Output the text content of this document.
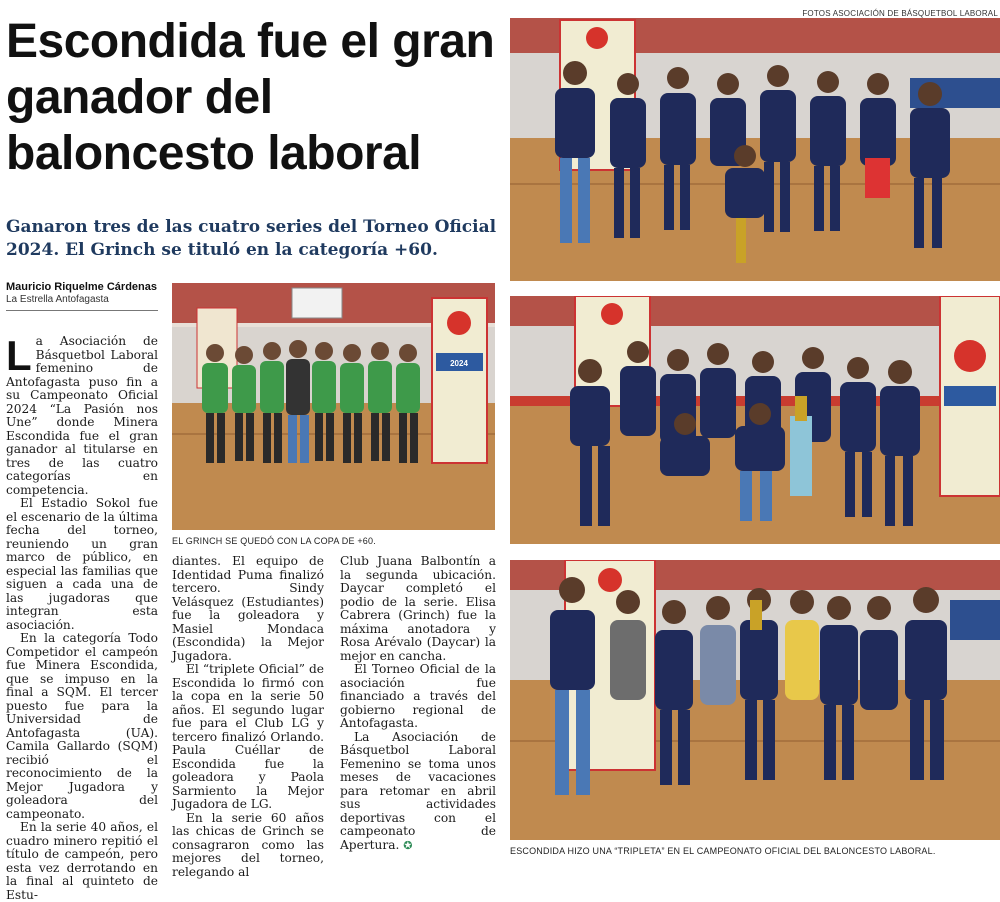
Escondida fue el gran ganador del baloncesto laboral
Ganaron tres de las cuatro series del Torneo Oficial 2024. El Grinch se tituló en la categoría +60.
Mauricio Riquelme Cárdenas
La Estrella Antofagasta
FOTOS ASOCIACIÓN DE BÁSQUETBOL LABORAL
2024
EL GRINCH SE QUEDÓ CON LA COPA DE +60.
ESCONDIDA HIZO UNA “TRIPLETA” EN EL CAMPEONATO OFICIAL DEL BALONCESTO LABORAL.

La Asociación de Básquetbol Laboral femenino de Antofagasta puso fin a su Campeonato Oficial 2024 “La Pasión nos Une” donde Minera Escondida fue el gran ganador al titularse en tres de las cuatro categorías en competencia.

El Estadio Sokol fue el escenario de la última fecha del torneo, reuniendo un gran marco de público, en especial las familias que siguen a cada una de las jugadoras que integran esta asociación.

En la categoría Todo Competidor el campeón fue Minera Escondida, que se impuso en la final a SQM. El tercer puesto fue para la Universidad de Antofagasta (UA). Camila Gallardo (SQM) recibió el reconocimiento de la Mejor Jugadora y goleadora del campeonato.

En la serie 40 años, el cuadro minero repitió el título de campeón, pero esta vez derrotando en la final al quinteto de Estu-

diantes. El equipo de Identidad Puma finalizó tercero. Sindy Velásquez (Estudiantes) fue la goleadora y Masiel Mondaca (Escondida) la Mejor Jugadora.

El “triplete Oficial” de Escondida lo firmó con la copa en la serie 50 años. El segundo lugar fue para el Club LG y tercero finalizó Orlando. Paula Cuéllar de Escondida fue la goleadora y Paola Sarmiento la Mejor Jugadora de LG.

En la serie 60 años las chicas de Grinch se consagraron como las mejores del torneo, relegando al

Club Juana Balbontín a la segunda ubicación. Daycar completó el podio de la serie. Elisa Cabrera (Grinch) fue la máxima anotadora y Rosa Arévalo (Daycar) la mejor en cancha.

El Torneo Oficial de la asociación fue financiado a través del gobierno regional de Antofagasta.

La Asociación de Básquetbol Laboral Femenino se toma unos meses de vacaciones para retomar en abril sus actividades deportivas con el campeonato de Apertura. ✪
